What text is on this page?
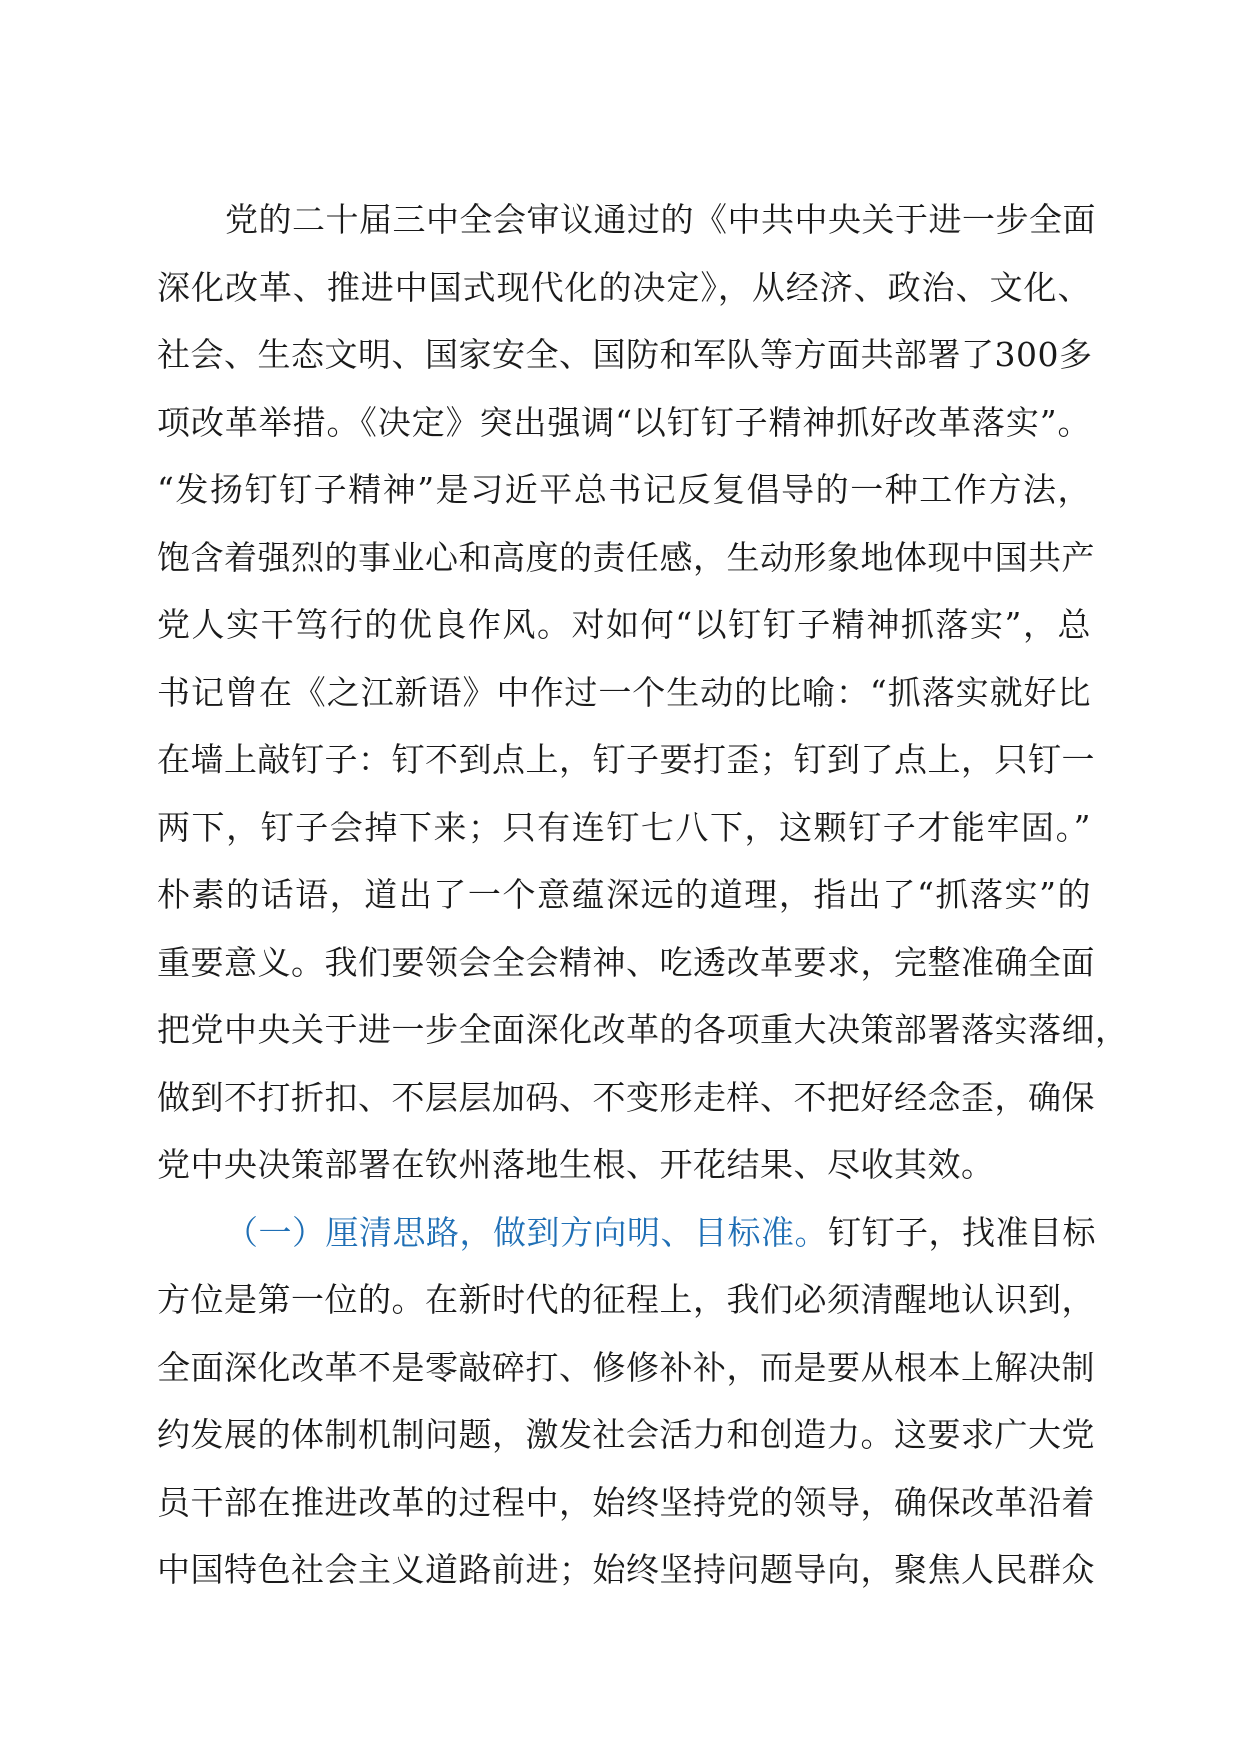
党的二十届三中全会审议通过的《中共中央关于进一步全面
深化改革、推进中国式现代化的决定》，从经济、政治、文化、
社会、生态文明、国家安全、国防和军队等方面共部署了300多
项改革举措。《决定》突出强调“以钉钉子精神抓好改革落实”。
“发扬钉钉子精神”是习近平总书记反复倡导的一种工作方法，
饱含着强烈的事业心和高度的责任感，生动形象地体现中国共产
党人实干笃行的优良作风。对如何“以钉钉子精神抓落实”，总
书记曾在《之江新语》中作过一个生动的比喻：“抓落实就好比
在墙上敲钉子：钉不到点上，钉子要打歪；钉到了点上，只钉一
两下，钉子会掉下来；只有连钉七八下，这颗钉子才能牢固。”
朴素的话语，道出了一个意蕴深远的道理，指出了“抓落实”的
重要意义。我们要领会全会精神、吃透改革要求，完整准确全面
把党中央关于进一步全面深化改革的各项重大决策部署落实落细，
做到不打折扣、不层层加码、不变形走样、不把好经念歪，确保
党中央决策部署在钦州落地生根、开花结果、尽收其效。
（一）厘清思路，做到方向明、目标准。钉钉子，找准目标
方位是第一位的。在新时代的征程上，我们必须清醒地认识到，
全面深化改革不是零敲碎打、修修补补，而是要从根本上解决制
约发展的体制机制问题，激发社会活力和创造力。这要求广大党
员干部在推进改革的过程中，始终坚持党的领导，确保改革沿着
中国特色社会主义道路前进；始终坚持问题导向，聚焦人民群众
